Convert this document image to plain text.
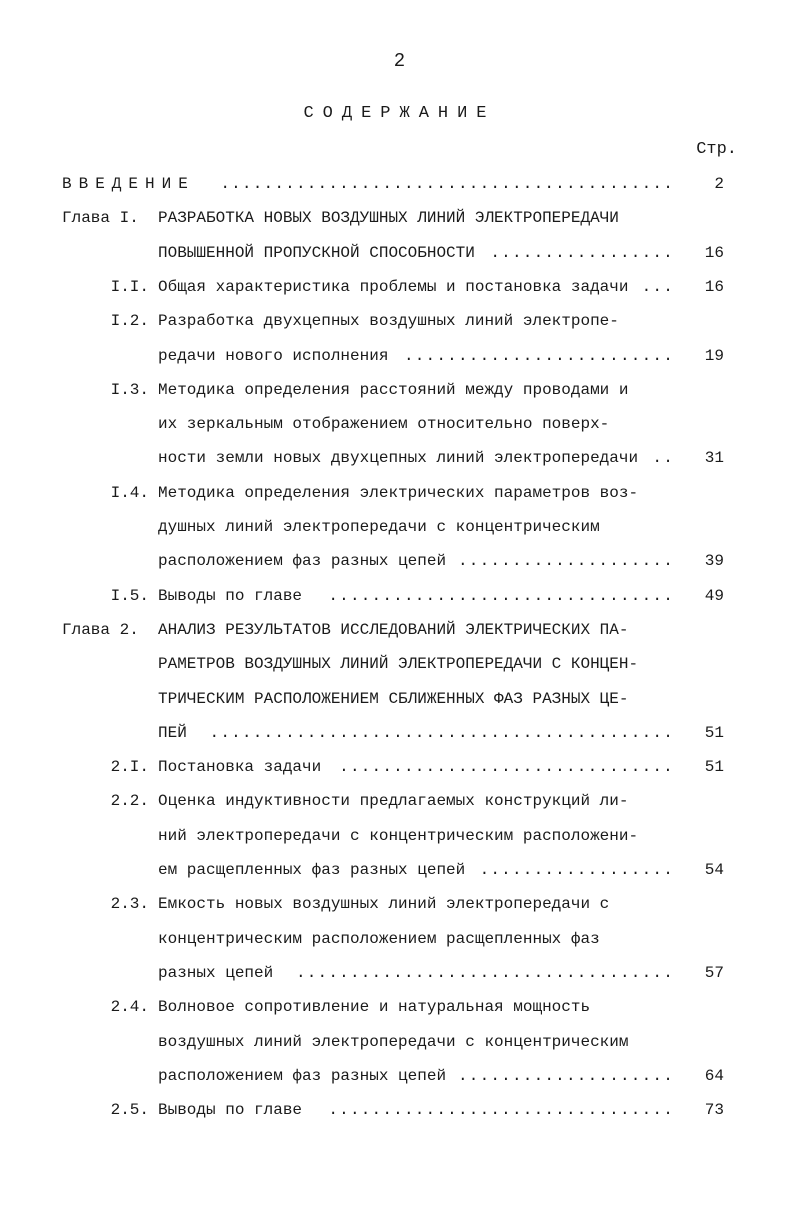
2
СОДЕРЖАНИЕ
Стр.
ВВЕДЕНИЕ ..........................................	2
Глава I. РАЗРАБОТКА НОВЫХ ВОЗДУШНЫХ ЛИНИЙ ЭЛЕКТРОПЕРЕДАЧИ
ПОВЫШЕННОЙ ПРОПУСКНОЙ СПОСОБНОСТИ ................. 16
I.I. Общая характеристика проблемы и постановка задачи ... 16
I.2. Разработка двухцепных воздушных линий электропе-
редачи нового исполнения ......................... 19
I.3. Методика определения расстояний между проводами и
их зеркальным отображением относительно поверх-
ности земли новых двухцепных линий электропередачи .. 31
I.4. Методика определения электрических параметров воз-
душных линий электропередачи с концентрическим
расположением фаз разных цепей .................... 39
I.5. Выводы по главе ................................ 49
Глава 2. АНАЛИЗ РЕЗУЛЬТАТОВ ИССЛЕДОВАНИЙ ЭЛЕКТРИЧЕСКИХ ПА-
РАМЕТРОВ ВОЗДУШНЫХ ЛИНИЙ ЭЛЕКТРОПЕРЕДАЧИ С КОНЦЕН-
ТРИЧЕСКИМ РАСПОЛОЖЕНИЕМ СБЛИЖЕННЫХ ФАЗ РАЗНЫХ ЦЕ-
ПЕЙ ........................................... 51
2.I. Постановка задачи ............................... 51
2.2. Оценка индуктивности предлагаемых конструкций ли-
ний электропередачи с концентрическим расположени-
ем расщепленных фаз разных цепей .................. 54
2.3. Емкость новых воздушных линий электропередачи с
концентрическим расположением расщепленных фаз
разных цепей ................................... 57
2.4. Волновое сопротивление и натуральная мощность
воздушных линий электропередачи с концентрическим
расположением фаз разных цепей .................... 64
2.5. Выводы по главе ................................ 73
